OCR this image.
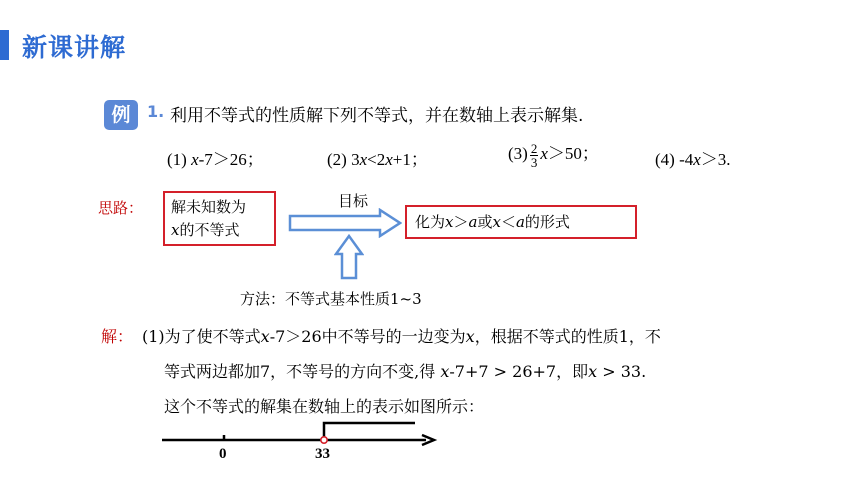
新课讲解
例	1. 利用不等式的性质解下列不等式，并在数轴上表示解集.
(1) x-7＞26；	(2) 3x<2x+1；	$(3) \frac{2}{3} x>50$；	(4) -4x＞3.
思路： 解未知数为
x的不等式
目标
化为x＞a或x＜a的形式
方法：不等式基本性质1~3
解： (1)为了使不等式x-7＞26中不等号的一边变为x，根据不等式的性质1，不
等式两边都加7，不等号的方向不变,得 x-7+7 > 26+7，即x > 33.
这个不等式的解集在数轴上的表示如图所示：
0	33
